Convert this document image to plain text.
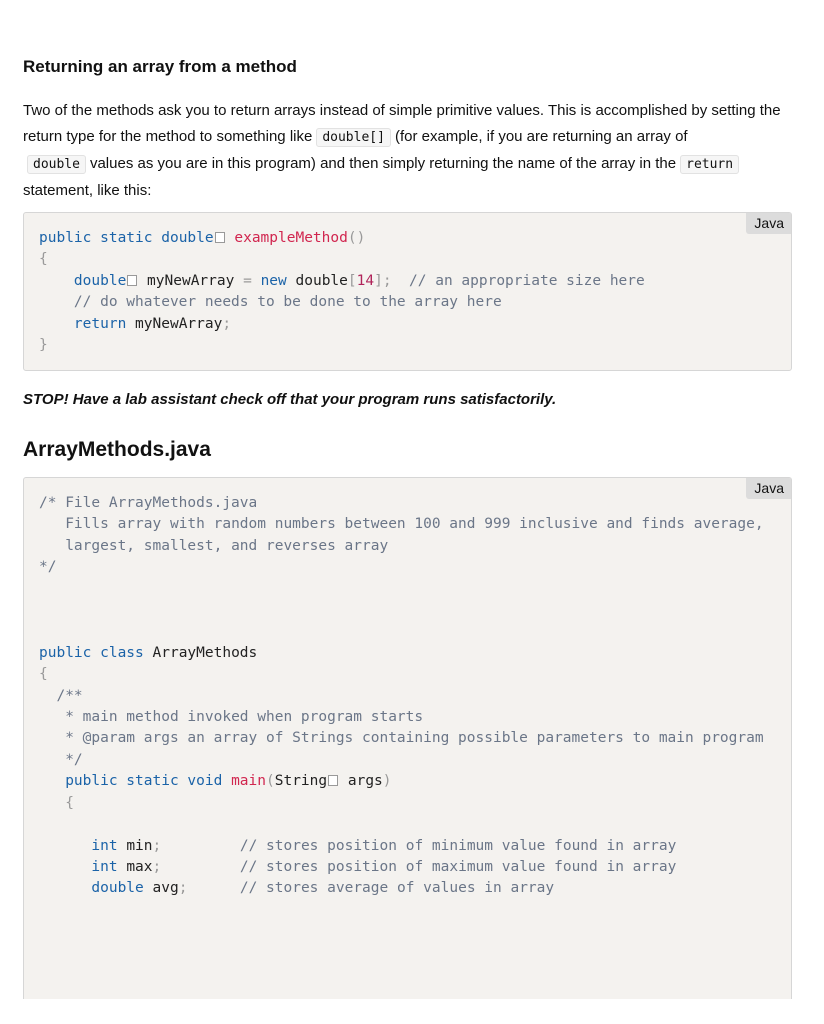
Returning an array from a method

Two of the methods ask you to return arrays instead of simple primitive values. This is accomplished by setting the return type for the method to something like double[] (for example, if you are returning an array of double values as you are in this program) and then simply returning the name of the array in the return
statement, like this:

Java
public static double exampleMethod()
{
double myNewArray = new double[14]; // an appropriate size here
// do whatever needs to be done to the array here
return myNewArray;
}

STOP! Have a lab assistant check off that your program runs satisfactorily.

ArrayMethods.java
Java
/* File ArrayMethods.java
Fills array with random numbers between 100 and 999 inclusive and finds average,
largest, smallest, and reverses array
*/

public class ArrayMethods
{
/**
* main method invoked when program starts
* @param args an array of Strings containing possible parameters to main program
*/
public static void main(String args)
{

int min;	// stores position of minimum value found in array
int max;	// stores position of maximum value found in array
double avg;	// stores average of values in array
